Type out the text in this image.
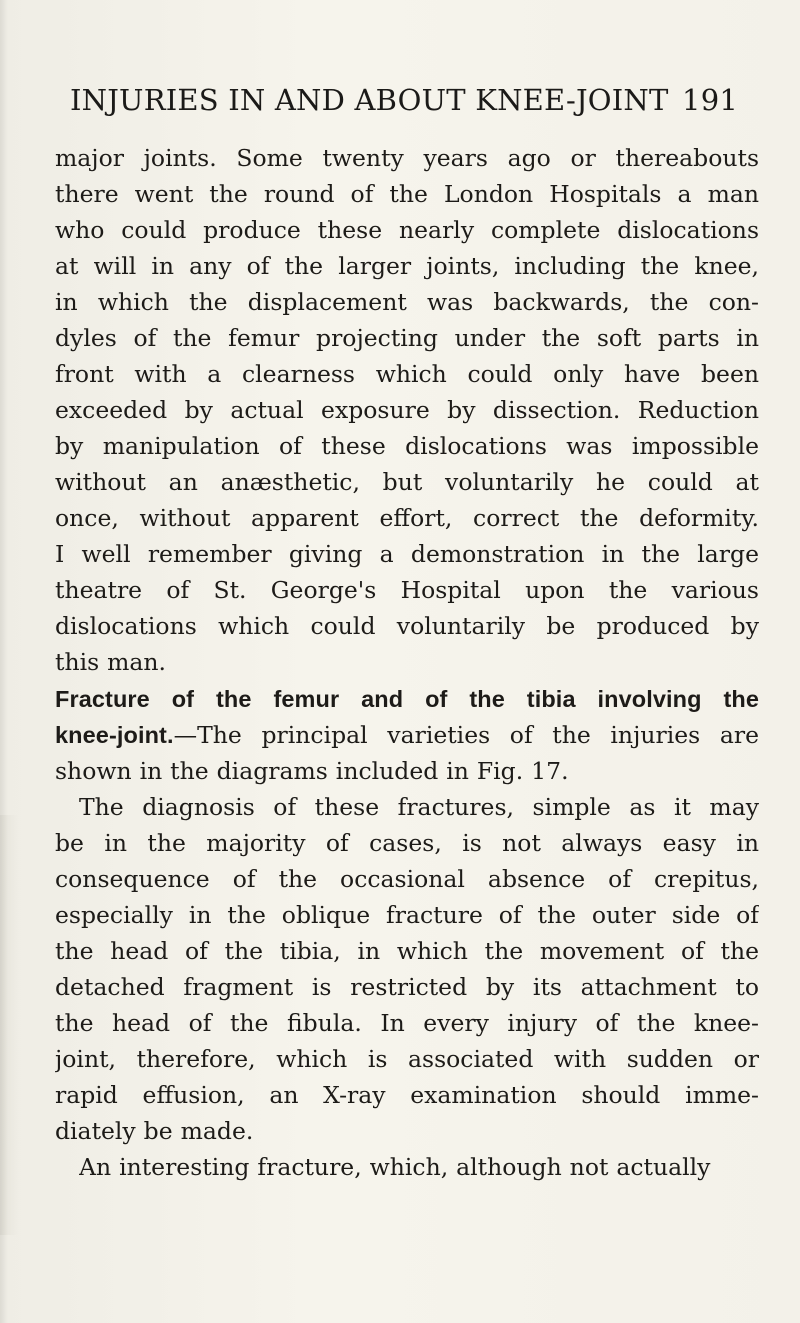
INJURIES IN AND ABOUT KNEE-JOINT 191
major joints. Some twenty years ago or thereabouts
there went the round of the London Hospitals a man
who could produce these nearly complete dislocations
at will in any of the larger joints, including the knee,
in which the displacement was backwards, the con-
dyles of the femur projecting under the soft parts in
front with a clearness which could only have been
exceeded by actual exposure by dissection. Reduction
by manipulation of these dislocations was impossible
without an anæsthetic, but voluntarily he could at
once, without apparent effort, correct the deformity.
I well remember giving a demonstration in the large
theatre of St. George's Hospital upon the various
dislocations which could voluntarily be produced by
this man.
Fracture of the femur and of the tibia involving the
knee-joint.—The principal varieties of the injuries are
shown in the diagrams included in Fig. 17.
The diagnosis of these fractures, simple as it may
be in the majority of cases, is not always easy in
consequence of the occasional absence of crepitus,
especially in the oblique fracture of the outer side of
the head of the tibia, in which the movement of the
detached fragment is restricted by its attachment to
the head of the fibula. In every injury of the knee-
joint, therefore, which is associated with sudden or
rapid effusion, an X-ray examination should imme-
diately be made.
An interesting fracture, which, although not actually
